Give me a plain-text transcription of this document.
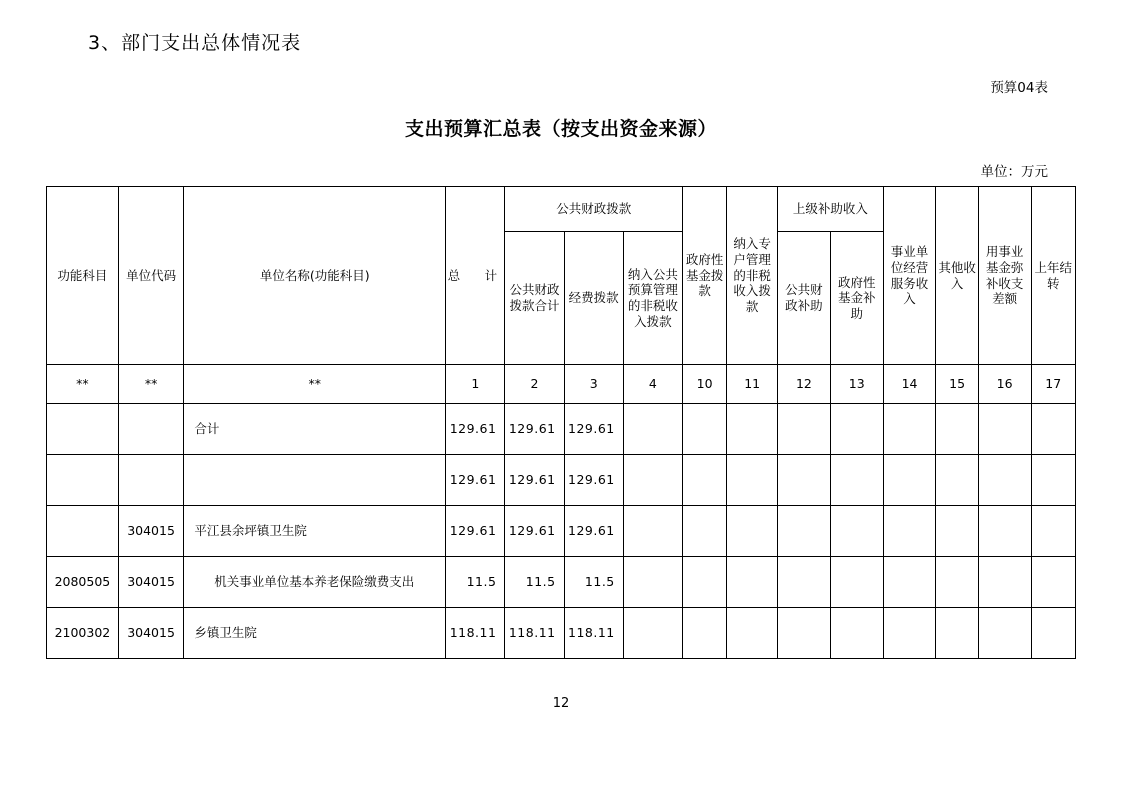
3、部门支出总体情况表
预算04表
支出预算汇总表（按支出资金来源）
单位：万元
功能科目	单位代码	单位名称(功能科目)	总　计	公共财政拨款			政府性基金拨款	纳入专户管理的非税收入拨款	上级补助收入		事业单位经营服务收入	其他收入	用事业基金弥补收支差额	上年结转
				公共财政拨款合计	经费拨款	纳入公共预算管理的非税收入拨款			公共财政补助	政府性基金补助				
**	**	**	1	2	3	4	10	11	12	13	14	15	16	17
		合计	129.61	129.61	129.61									
			129.61	129.61	129.61									
	304015	平江县余坪镇卫生院	129.61	129.61	129.61									
2080505	304015	机关事业单位基本养老保险缴费支出	11.5	11.5	11.5									
2100302	304015	乡镇卫生院	118.11	118.11	118.11									
12
